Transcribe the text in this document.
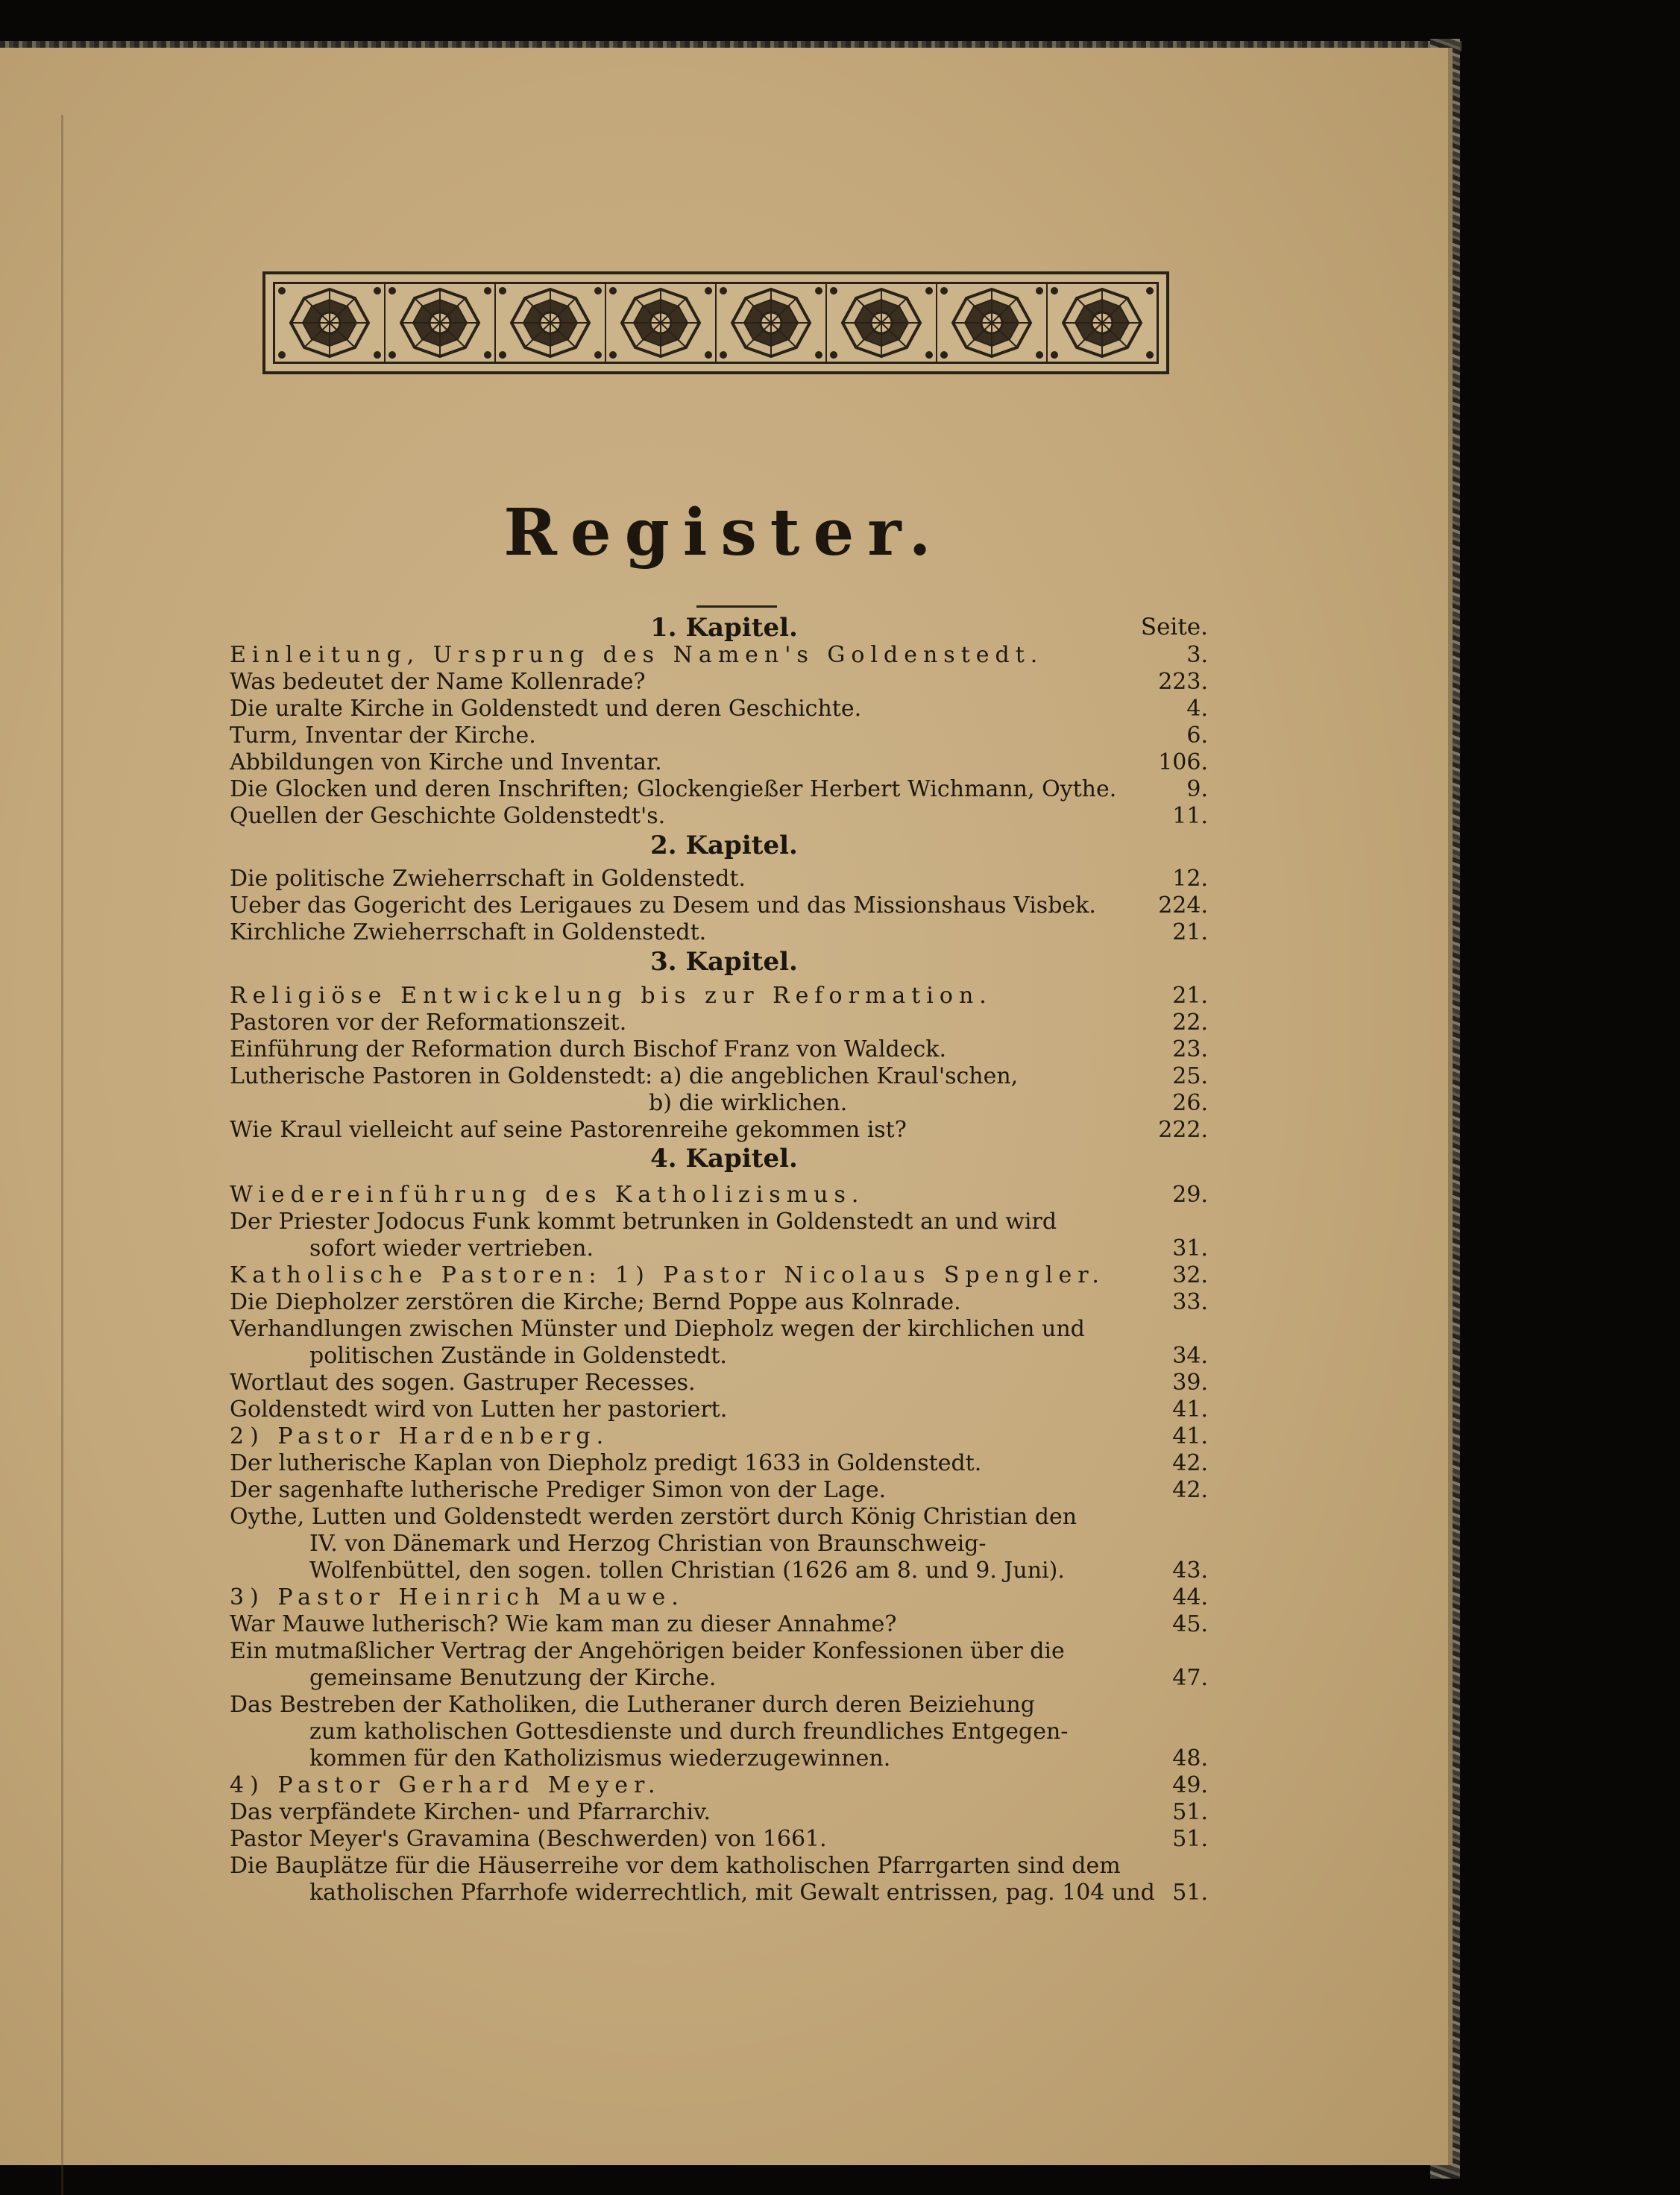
Register.
1. Kapitel.	Seite.
Einleitung, Ursprung des Namen's Goldenstedt.	3.
Was bedeutet der Name Kollenrade?	223.
Die uralte Kirche in Goldenstedt und deren Geschichte.	4.
Turm, Inventar der Kirche.	6.
Abbildungen von Kirche und Inventar.	106.
Die Glocken und deren Inschriften; Glockengießer Herbert Wichmann, Oythe.	9.
Quellen der Geschichte Goldenstedt's.	11.
2. Kapitel.
Die politische Zwieherrschaft in Goldenstedt.	12.
Ueber das Gogericht des Lerigaues zu Desem und das Missionshaus Visbek.	224.
Kirchliche Zwieherrschaft in Goldenstedt.	21.
3. Kapitel.
Religiöse Entwickelung bis zur Reformation.	21.
Pastoren vor der Reformationszeit.	22.
Einführung der Reformation durch Bischof Franz von Waldeck.	23.
Lutherische Pastoren in Goldenstedt: a) die angeblichen Kraul'schen,	25.
b) die wirklichen.	26.
Wie Kraul vielleicht auf seine Pastorenreihe gekommen ist?	222.
4. Kapitel.
Wiedereinführung des Katholizismus.	29.
Der Priester Jodocus Funk kommt betrunken in Goldenstedt an und wird
sofort wieder vertrieben.	31.
Katholische Pastoren: 1) Pastor Nicolaus Spengler.	32.
Die Diepholzer zerstören die Kirche; Bernd Poppe aus Kolnrade.	33.
Verhandlungen zwischen Münster und Diepholz wegen der kirchlichen und
politischen Zustände in Goldenstedt.	34.
Wortlaut des sogen. Gastruper Recesses.	39.
Goldenstedt wird von Lutten her pastoriert.	41.
2) Pastor Hardenberg.	41.
Der lutherische Kaplan von Diepholz predigt 1633 in Goldenstedt.	42.
Der sagenhafte lutherische Prediger Simon von der Lage.	42.
Oythe, Lutten und Goldenstedt werden zerstört durch König Christian den
IV. von Dänemark und Herzog Christian von Braunschweig-
Wolfenbüttel, den sogen. tollen Christian (1626 am 8. und 9. Juni).	43.
3) Pastor Heinrich Mauwe.	44.
War Mauwe lutherisch? Wie kam man zu dieser Annahme?	45.
Ein mutmaßlicher Vertrag der Angehörigen beider Konfessionen über die
gemeinsame Benutzung der Kirche.	47.
Das Bestreben der Katholiken, die Lutheraner durch deren Beiziehung
zum katholischen Gottesdienste und durch freundliches Entgegen-
kommen für den Katholizismus wiederzugewinnen.	48.
4) Pastor Gerhard Meyer.	49.
Das verpfändete Kirchen- und Pfarrarchiv.	51.
Pastor Meyer's Gravamina (Beschwerden) von 1661.	51.
Die Bauplätze für die Häuserreihe vor dem katholischen Pfarrgarten sind dem
katholischen Pfarrhofe widerrechtlich, mit Gewalt entrissen, pag. 104 und 51.
